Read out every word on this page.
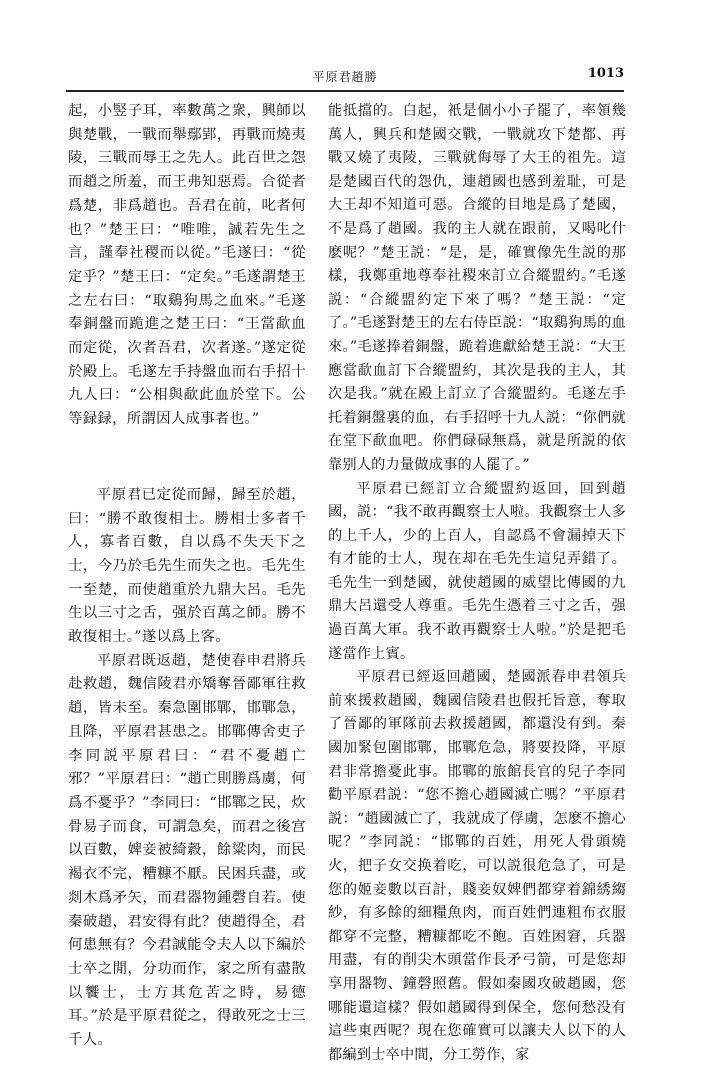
平原君趙勝	1013

起，小竪子耳，率數萬之衆，興師以與楚戰，一戰而舉鄢郢，再戰而燒夷陵，三戰而辱王之先人。此百世之怨而趙之所羞，而王弗知惡焉。合從者爲楚，非爲趙也。吾君在前，叱者何也？”楚王曰：“唯唯，誠若先生之言，謹奉社稷而以從。”毛遂曰：“從定乎？”楚王曰：“定矣。”毛遂謂楚王之左右曰：“取鷄狗馬之血來。”毛遂奉銅盤而跪進之楚王曰：“王當歃血而定從，次者吾君，次者遂。”遂定從於殿上。毛遂左手持盤血而右手招十九人曰：“公相與歃此血於堂下。公等録録，所謂因人成事者也。”

平原君已定從而歸，歸至於趙，曰：“勝不敢復相士。勝相士多者千人，寡者百數，自以爲不失天下之士，今乃於毛先生而失之也。毛先生一至楚，而使趙重於九鼎大呂。毛先生以三寸之舌，强於百萬之師。勝不敢復相士。”遂以爲上客。

平原君既返趙，楚使春申君將兵赴救趙，魏信陵君亦矯奪晉鄙軍往救趙，皆未至。秦急圍邯鄲，邯鄲急，且降，平原君甚患之。邯鄲傳舍吏子李同説平原君曰：“君不憂趙亡邪？”平原君曰：“趙亡則勝爲虜，何爲不憂乎？”李同曰：“邯鄲之民，炊骨易子而食，可謂急矣，而君之後宫以百數，婢妾被綺縠，餘粱肉，而民褐衣不完，糟糠不厭。民困兵盡，或剡木爲矛矢，而君器物鍾磬自若。使秦破趙，君安得有此？使趙得全，君何患無有？今君誠能令夫人以下編於士卒之閒，分功而作，家之所有盡散以饗士，士方其危苦之時，易德耳。”於是平原君從之，得敢死之士三千人。

能抵擋的。白起，衹是個小小子罷了，率領幾萬人，興兵和楚國交戰，一戰就攻下楚都、再戰又燒了夷陵，三戰就侮辱了大王的祖先。這是楚國百代的怨仇，連趙國也感到羞耻，可是大王却不知道可惡。合縱的目地是爲了楚國，不是爲了趙國。我的主人就在跟前，又喝叱什麽呢？”楚王説：“是，是，確實像先生説的那樣，我鄭重地尊奉社稷來訂立合縱盟約。”毛遂説：“合縱盟約定下來了嗎？”楚王説：“定了。”毛遂對楚王的左右侍臣説：“取鷄狗馬的血來。”毛遂捧着銅盤，跪着進獻給楚王説：“大王應當歃血訂下合縱盟約，其次是我的主人，其次是我。”就在殿上訂立了合縱盟約。毛遂左手托着銅盤裏的血，右手招呼十九人説：“你們就在堂下歃血吧。你們碌碌無爲，就是所説的依靠别人的力量做成事的人罷了。”

平原君已經訂立合縱盟約返回，回到趙國，説：“我不敢再觀察士人啦。我觀察士人多的上千人，少的上百人，自認爲不會漏掉天下有才能的士人，現在却在毛先生這兒弄錯了。毛先生一到楚國，就使趙國的威望比傳國的九鼎大呂還受人尊重。毛先生憑着三寸之舌，强過百萬大軍。我不敢再觀察士人啦。”於是把毛遂當作上賓。

平原君已經返回趙國，楚國派春申君領兵前來援救趙國，魏國信陵君也假托旨意，奪取了晉鄙的軍隊前去救援趙國，都還没有到。秦國加緊包圍邯鄲，邯鄲危急，將要投降，平原君非常擔憂此事。邯鄲的旅館長官的兒子李同勸平原君説：“您不擔心趙國滅亡嗎？”平原君説：“趙國滅亡了，我就成了俘虜，怎麽不擔心呢？”李同説：“邯鄲的百姓，用死人骨頭燒火，把子女交换着吃，可以説很危急了，可是您的姬妾數以百計，賤妾奴婢們都穿着錦綉縐紗，有多餘的細糧魚肉，而百姓們連粗布衣服都穿不完整，糟糠都吃不飽。百姓困窘，兵器用盡，有的削尖木頭當作長矛弓箭，可是您却享用器物、鐘磬照舊。假如秦國攻破趙國，您哪能還這樣？假如趙國得到保全，您何愁没有這些東西呢？現在您確實可以讓夫人以下的人都編到士卒中間，分工勞作，家
